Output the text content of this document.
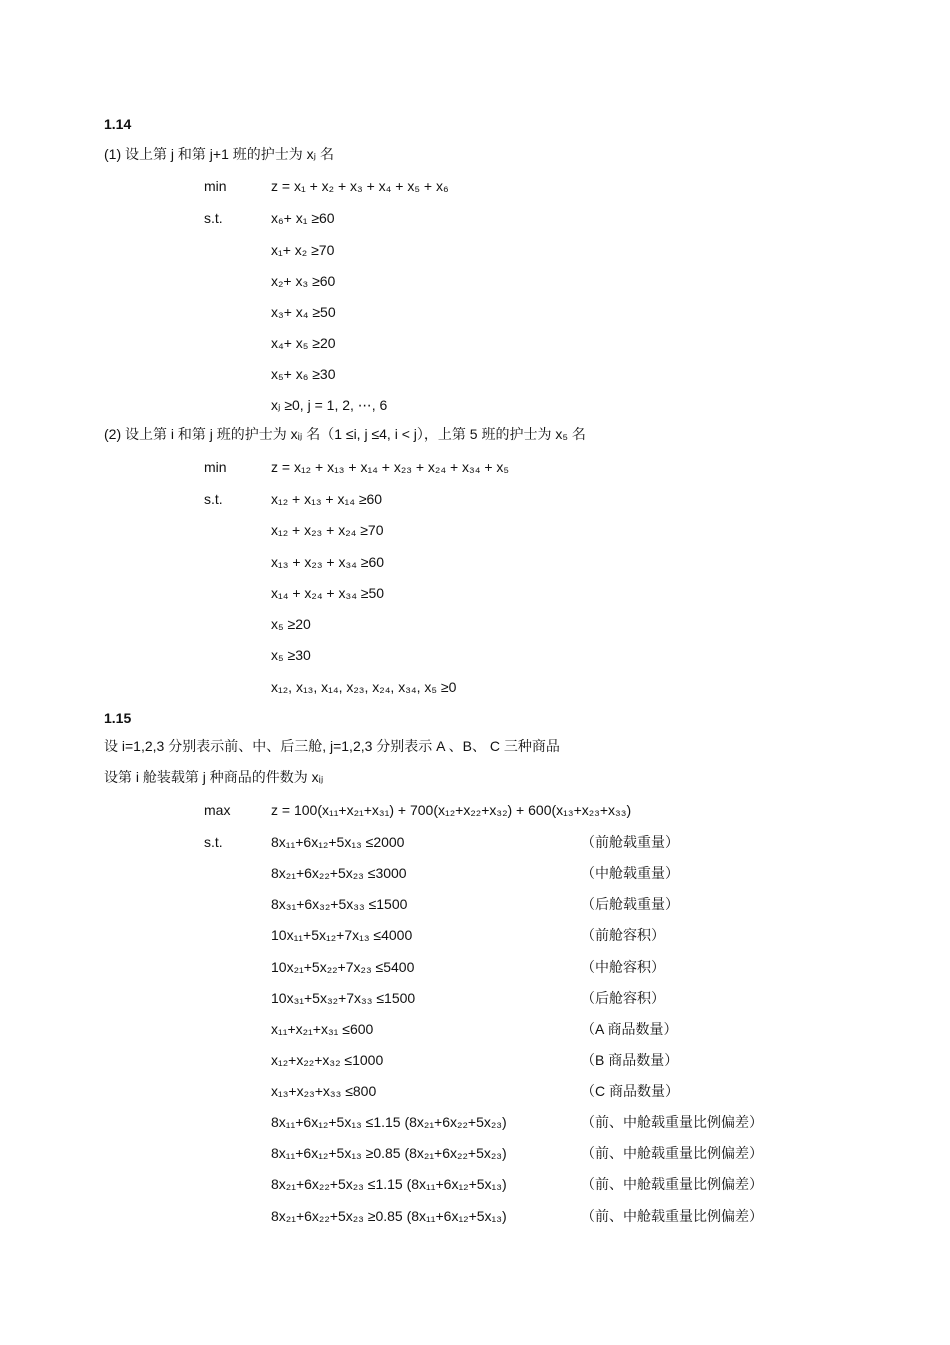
1.14
(1) 设上第 j 和第 j+1 班的护士为 xⱼ 名
min	z = x₁ + x₂ + x₃ + x₄ + x₅ + x₆
s.t.	x₆+ x₁ ≥60
x₁+ x₂ ≥70
x₂+ x₃ ≥60
x₃+ x₄ ≥50
x₄+ x₅ ≥20
x₅+ x₆ ≥30
xⱼ ≥0, j = 1, 2, ⋯, 6
(2) 设上第 i 和第 j 班的护士为 xᵢⱼ 名（1 ≤i, j ≤4, i < j），上第 5 班的护士为 x₅ 名
min	z = x₁₂ + x₁₃ + x₁₄ + x₂₃ + x₂₄ + x₃₄ + x₅
s.t.	x₁₂ + x₁₃ + x₁₄ ≥60
x₁₂ + x₂₃ + x₂₄ ≥70
x₁₃ + x₂₃ + x₃₄ ≥60
x₁₄ + x₂₄ + x₃₄ ≥50
x₅ ≥20
x₅ ≥30
x₁₂, x₁₃, x₁₄, x₂₃, x₂₄, x₃₄, x₅ ≥0
1.15
设 i=1,2,3 分别表示前、中、后三舱, j=1,2,3 分别表示 A 、B、 C 三种商品
设第 i 舱装载第 j 种商品的件数为 xᵢⱼ
max	z = 100(x₁₁+x₂₁+x₃₁) + 700(x₁₂+x₂₂+x₃₂) + 600(x₁₃+x₂₃+x₃₃)
s.t.	8x₁₁+6x₁₂+5x₁₃ ≤2000	（前舱载重量）
8x₂₁+6x₂₂+5x₂₃ ≤3000	（中舱载重量）
8x₃₁+6x₃₂+5x₃₃ ≤1500	（后舱载重量）
10x₁₁+5x₁₂+7x₁₃ ≤4000	（前舱容积）
10x₂₁+5x₂₂+7x₂₃ ≤5400	（中舱容积）
10x₃₁+5x₃₂+7x₃₃ ≤1500	（后舱容积）
x₁₁+x₂₁+x₃₁ ≤600	（A 商品数量）
x₁₂+x₂₂+x₃₂ ≤1000	（B 商品数量）
x₁₃+x₂₃+x₃₃ ≤800	（C 商品数量）
8x₁₁+6x₁₂+5x₁₃ ≤1.15 (8x₂₁+6x₂₂+5x₂₃)	（前、中舱载重量比例偏差）
8x₁₁+6x₁₂+5x₁₃ ≥0.85 (8x₂₁+6x₂₂+5x₂₃)	（前、中舱载重量比例偏差）
8x₂₁+6x₂₂+5x₂₃ ≤1.15 (8x₁₁+6x₁₂+5x₁₃)	（前、中舱载重量比例偏差）
8x₂₁+6x₂₂+5x₂₃ ≥0.85 (8x₁₁+6x₁₂+5x₁₃)	（前、中舱载重量比例偏差）
